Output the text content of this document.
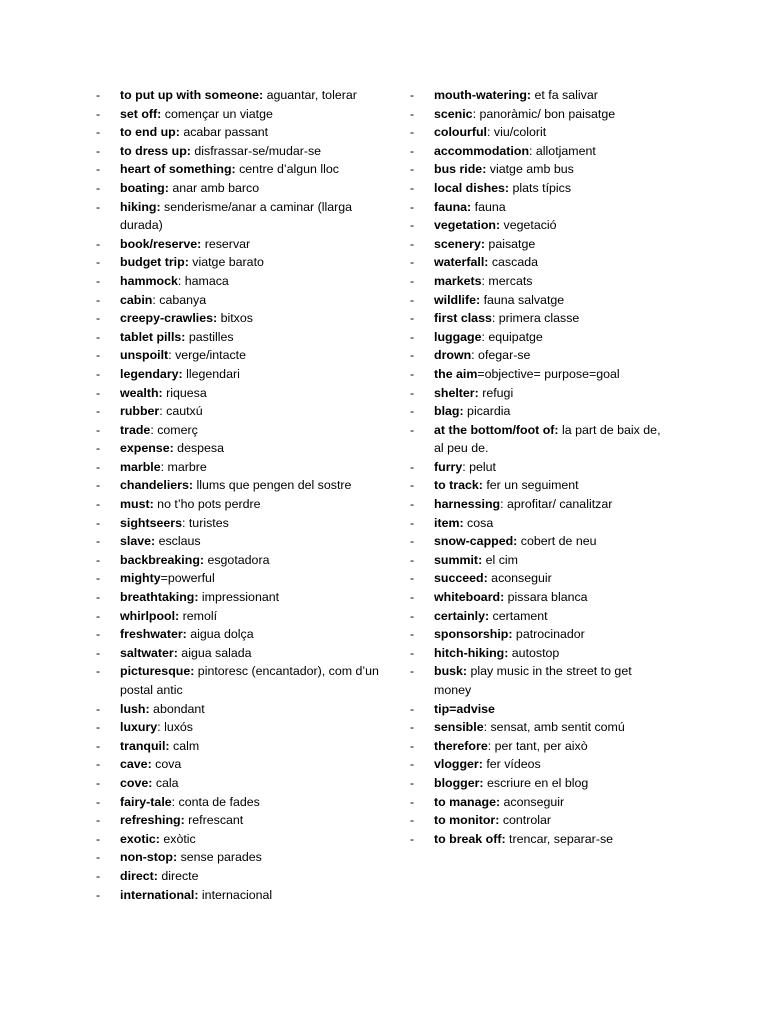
-	to put up with someone: aguantar, tolerar
-	set off: començar un viatge
-	to end up: acabar passant
-	to dress up: disfrassar-se/mudar-se
-	heart of something: centre d’algun lloc
-	boating: anar amb barco
-	hiking: senderisme/anar a caminar (llarga durada)
-	book/reserve: reservar
-	budget trip: viatge barato
-	hammock: hamaca
-	cabin: cabanya
-	creepy-crawlies: bitxos
-	tablet pills: pastilles
-	unspoilt: verge/intacte
-	legendary: llegendari
-	wealth: riquesa
-	rubber: cautxú
-	trade: comerç
-	expense: despesa
-	marble: marbre
-	chandeliers: llums que pengen del sostre
-	must: no t’ho pots perdre
-	sightseers: turistes
-	slave: esclaus
-	backbreaking: esgotadora
-	mighty=powerful
-	breathtaking: impressionant
-	whirlpool: remolí
-	freshwater: aigua dolça
-	saltwater: aigua salada
-	picturesque: pintoresc (encantador), com d’un postal antic
-	lush: abondant
-	luxury: luxós
-	tranquil: calm
-	cave: cova
-	cove: cala
-	fairy-tale: conta de fades
-	refreshing: refrescant
-	exotic: exòtic
-	non-stop: sense parades
-	direct: directe
-	international: internacional
-	mouth-watering: et fa salivar
-	scenic: panoràmic/ bon paisatge
-	colourful: viu/colorit
-	accommodation: allotjament
-	bus ride: viatge amb bus
-	local dishes: plats típics
-	fauna: fauna
-	vegetation: vegetació
-	scenery: paisatge
-	waterfall: cascada
-	markets: mercats
-	wildlife: fauna salvatge
-	first class: primera classe
-	luggage: equipatge
-	drown: ofegar-se
-	the aim=objective= purpose=goal
-	shelter: refugi
-	blag: picardia
-	at the bottom/foot of: la part de baix de, al peu de.
-	furry: pelut
-	to track: fer un seguiment
-	harnessing: aprofitar/ canalitzar
-	item: cosa
-	snow-capped: cobert de neu
-	summit: el cim
-	succeed: aconseguir
-	whiteboard: pissara blanca
-	certainly: certament
-	sponsorship: patrocinador
-	hitch-hiking: autostop
-	busk: play music in the street to get money
-	tip=advise
-	sensible: sensat, amb sentit comú
-	therefore: per tant, per això
-	vlogger: fer vídeos
-	blogger: escriure en el blog
-	to manage: aconseguir
-	to monitor: controlar
-	to break off: trencar, separar-se
